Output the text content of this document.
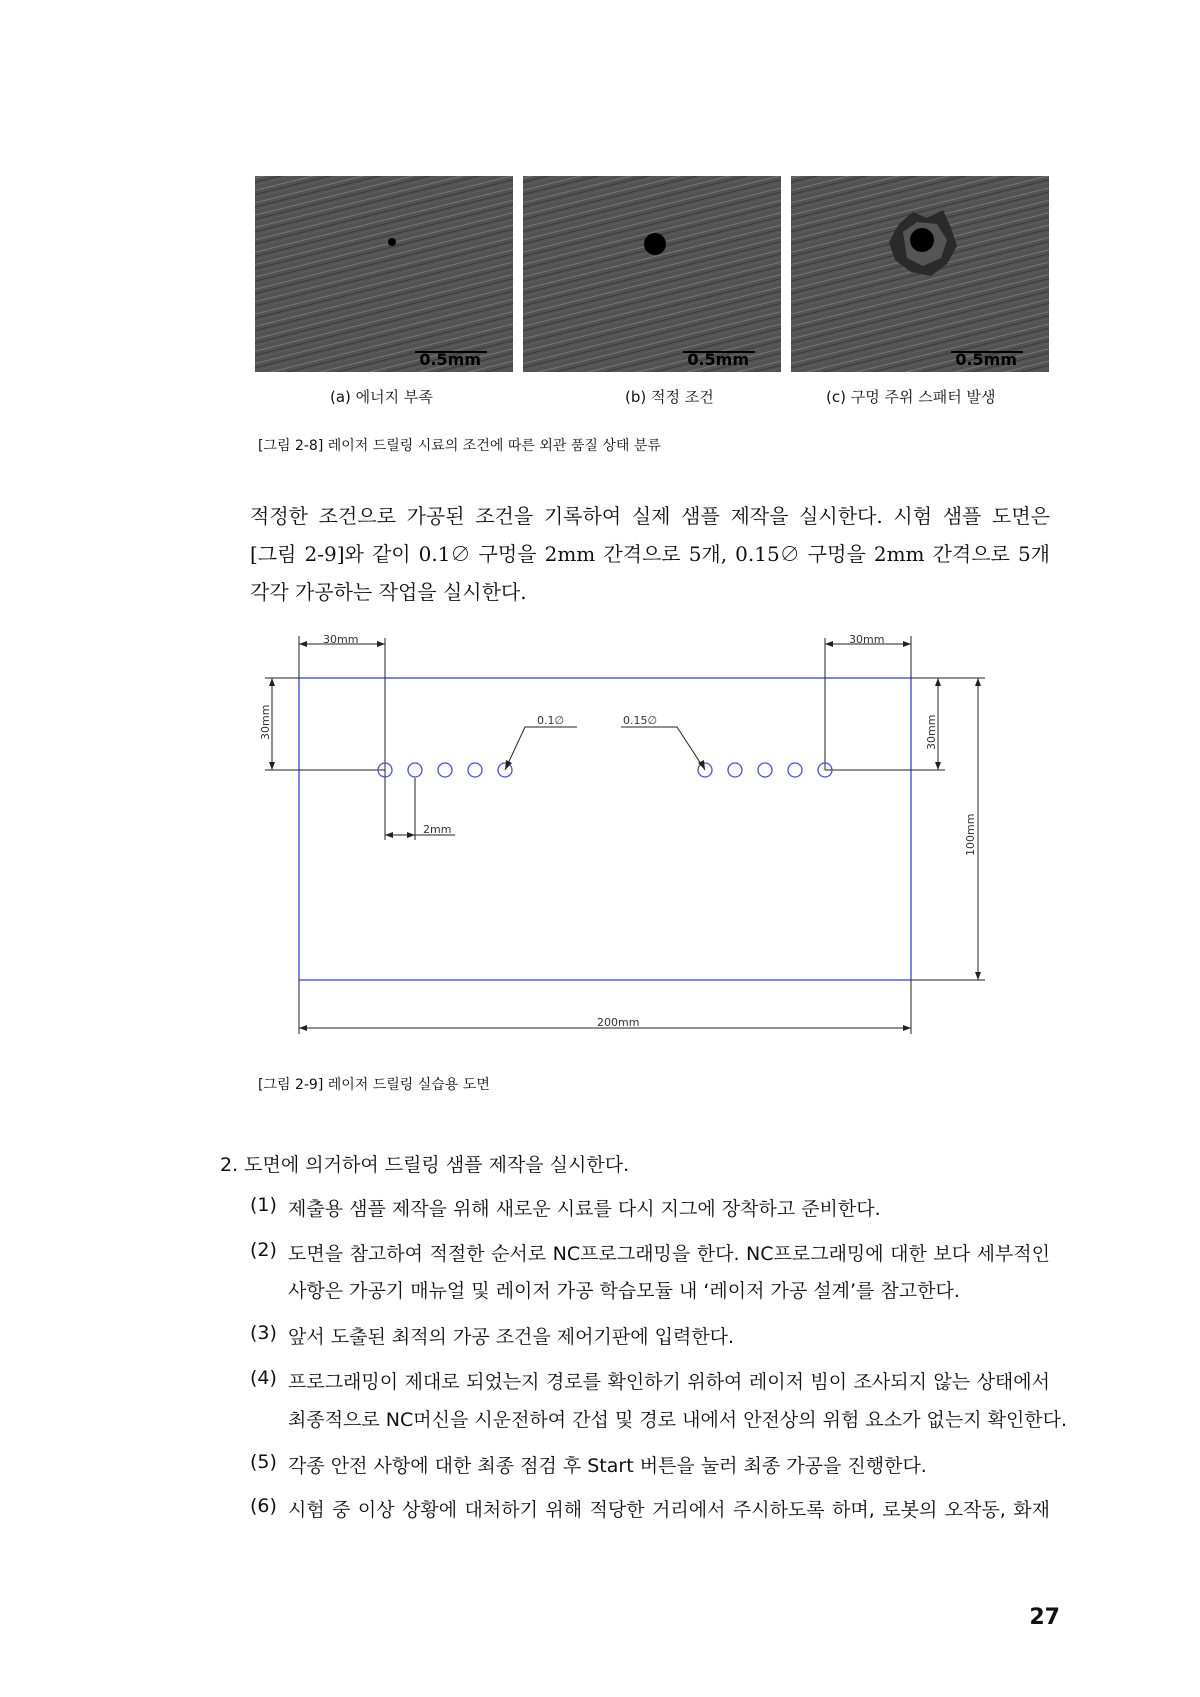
0.5mm	0.5mm	0.5mm
(a) 에너지 부족	(b) 적정 조건	(c) 구멍 주위 스패터 발생
[그림 2-8] 레이저 드릴링 시료의 조건에 따른 외관 품질 상태 분류
적정한 조건으로 가공된 조건을 기록하여 실제 샘플 제작을 실시한다. 시험 샘플 도면은
[그림 2-9]와 같이 0.1∅ 구멍을 2mm 간격으로 5개, 0.15∅ 구멍을 2mm 간격으로 5개
각각 가공하는 작업을 실시한다.
30mm	30mm
30mm	30mm
100mm
200mm
2mm
0.1∅	0.15∅
[그림 2-9] 레이저 드릴링 실습용 도면
2. 도면에 의거하여 드릴링 샘플 제작을 실시한다.
(1) 제출용 샘플 제작을 위해 새로운 시료를 다시 지그에 장착하고 준비한다.
(2) 도면을 참고하여 적절한 순서로 NC프로그래밍을 한다. NC프로그래밍에 대한 보다 세부적인
사항은 가공기 매뉴얼 및 레이저 가공 학습모듈 내 ‘레이저 가공 설계’를 참고한다.
(3) 앞서 도출된 최적의 가공 조건을 제어기판에 입력한다.
(4) 프로그래밍이 제대로 되었는지 경로를 확인하기 위하여 레이저 빔이 조사되지 않는 상태에서
최종적으로 NC머신을 시운전하여 간섭 및 경로 내에서 안전상의 위험 요소가 없는지 확인한다.
(5) 각종 안전 사항에 대한 최종 점검 후 Start 버튼을 눌러 최종 가공을 진행한다.
(6) 시험 중 이상 상황에 대처하기 위해 적당한 거리에서 주시하도록 하며, 로봇의 오작동, 화재
27
